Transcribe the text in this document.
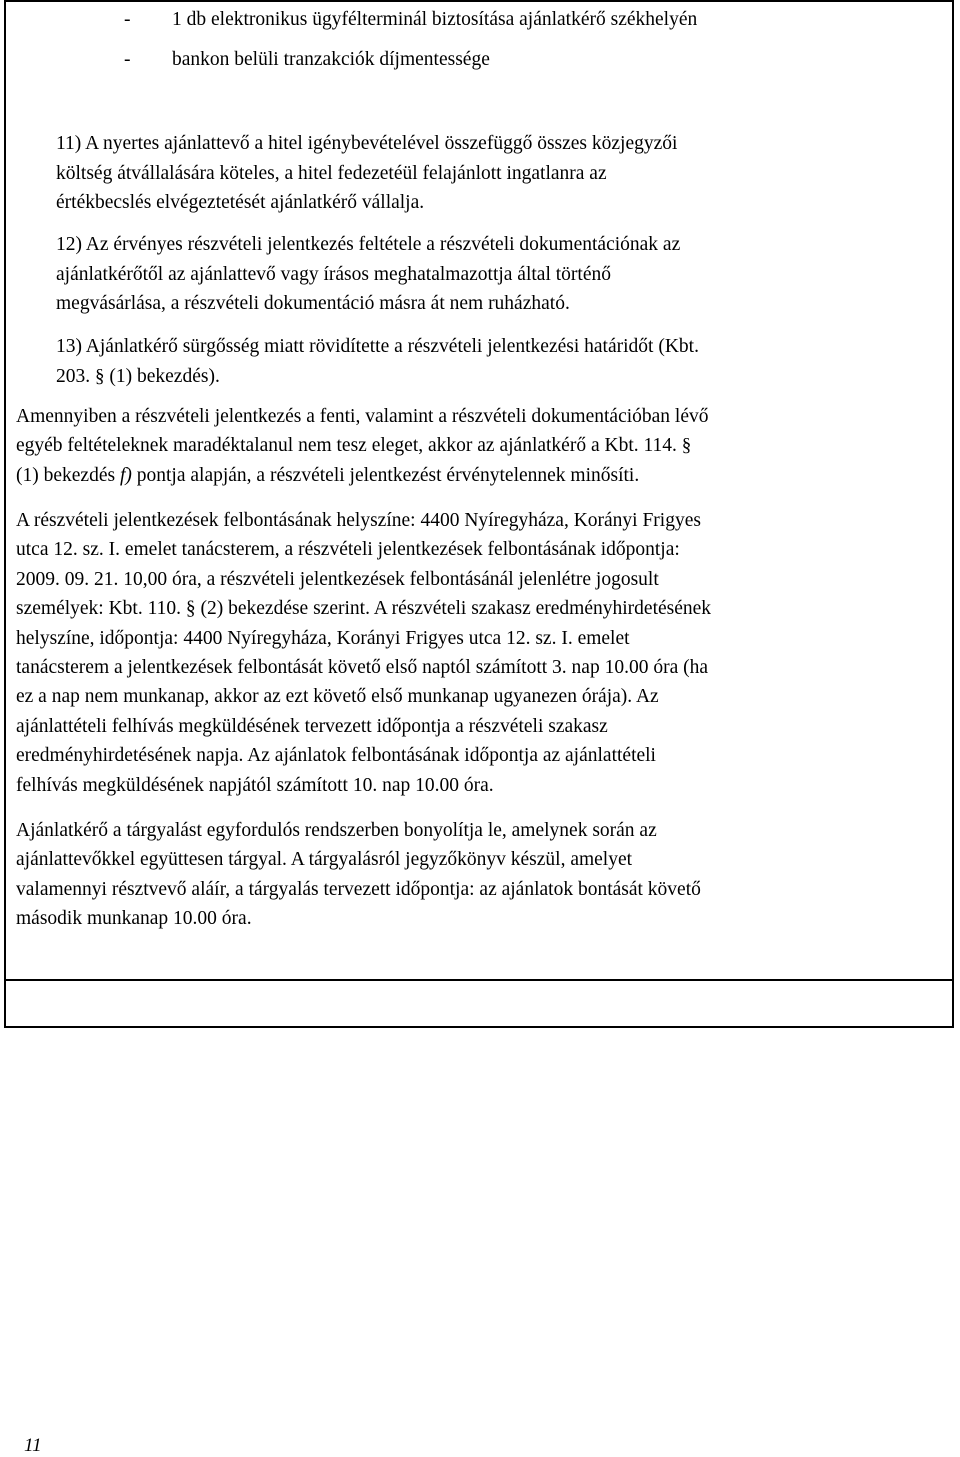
- 1 db elektronikus ügyfélterminál biztosítása ajánlatkérő székhelyén
- bankon belüli tranzakciók díjmentessége
11) A nyertes ajánlattevő a hitel igénybevételével összefüggő összes közjegyzői
költség átvállalására köteles, a hitel fedezetéül felajánlott ingatlanra az
értékbecslés elvégeztetését ajánlatkérő vállalja.
12) Az érvényes részvételi jelentkezés feltétele a részvételi dokumentációnak az
ajánlatkérőtől az ajánlattevő vagy írásos meghatalmazottja által történő
megvásárlása, a részvételi dokumentáció másra át nem ruházható.
13) Ajánlatkérő sürgősség miatt rövidítette a részvételi jelentkezési határidőt (Kbt.
203. § (1) bekezdés).
Amennyiben a részvételi jelentkezés a fenti, valamint a részvételi dokumentációban lévő
egyéb feltételeknek maradéktalanul nem tesz eleget, akkor az ajánlatkérő a Kbt. 114. §
(1) bekezdés f) pontja alapján, a részvételi jelentkezést érvénytelennek minősíti.
A részvételi jelentkezések felbontásának helyszíne: 4400 Nyíregyháza, Korányi Frigyes
utca 12. sz. I. emelet tanácsterem, a részvételi jelentkezések felbontásának időpontja:
2009. 09. 21. 10,00 óra, a részvételi jelentkezések felbontásánál jelenlétre jogosult
személyek: Kbt. 110. § (2) bekezdése szerint. A részvételi szakasz eredményhirdetésének
helyszíne, időpontja: 4400 Nyíregyháza, Korányi Frigyes utca 12. sz. I. emelet
tanácsterem a jelentkezések felbontását követő első naptól számított 3. nap 10.00 óra (ha
ez a nap nem munkanap, akkor az ezt követő első munkanap ugyanezen órája). Az
ajánlattételi felhívás megküldésének tervezett időpontja a részvételi szakasz
eredményhirdetésének napja. Az ajánlatok felbontásának időpontja az ajánlattételi
felhívás megküldésének napjától számított 10. nap 10.00 óra.
Ajánlatkérő a tárgyalást egyfordulós rendszerben bonyolítja le, amelynek során az
ajánlattevőkkel együttesen tárgyal. A tárgyalásról jegyzőkönyv készül, amelyet
valamennyi résztvevő aláír, a tárgyalás tervezett időpontja: az ajánlatok bontását követő
második munkanap 10.00 óra.
11
